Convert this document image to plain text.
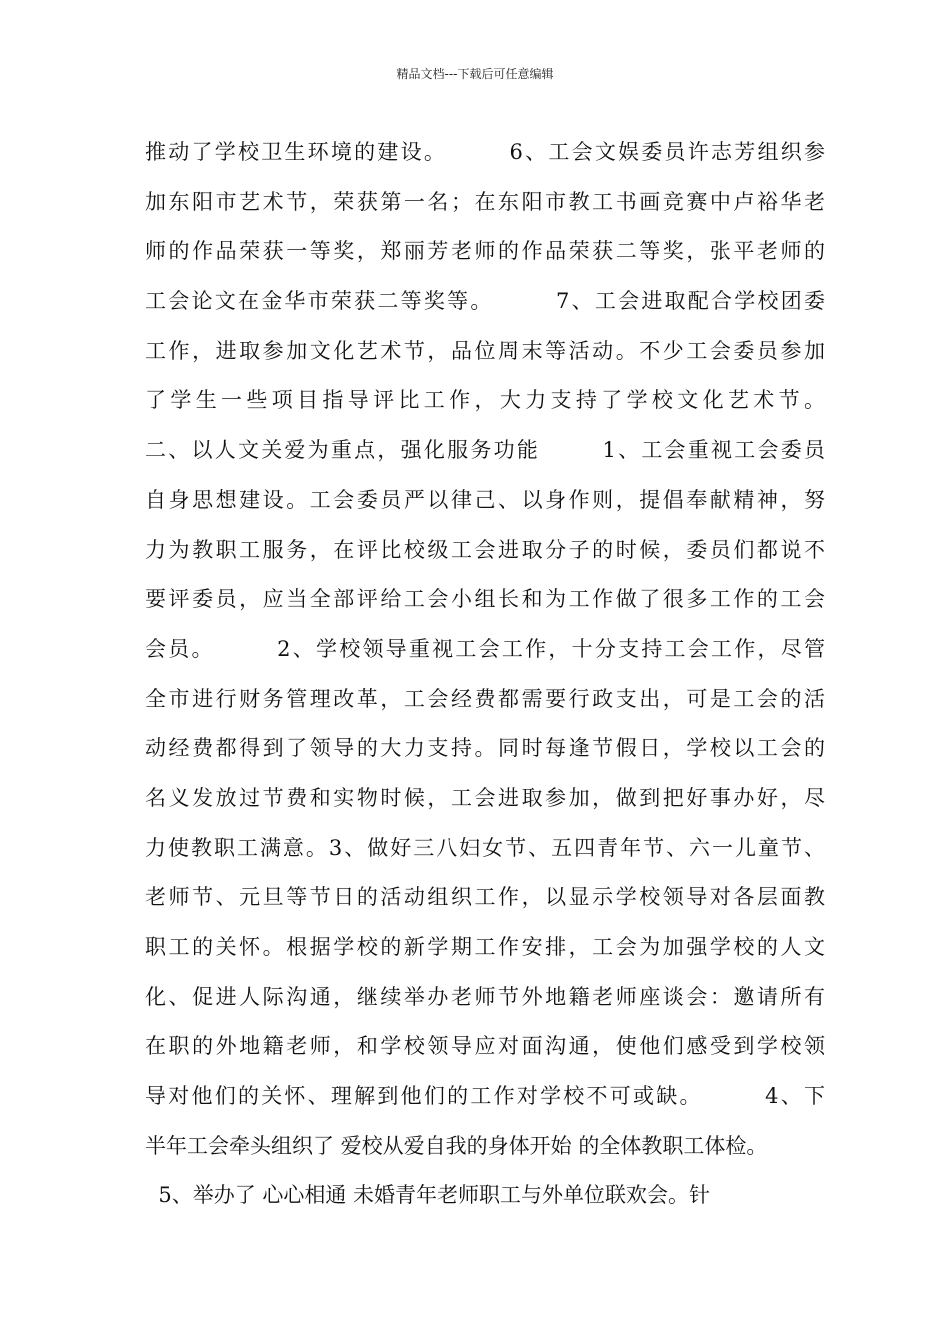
精品文档---下载后可任意编辑
推动了学校卫生环境的建设。       6、工会文娱委员许志芳组织参
加东阳市艺术节，荣获第一名；在东阳市教工书画竞赛中卢裕华老
师的作品荣获一等奖，郑丽芳老师的作品荣获二等奖，张平老师的
工会论文在金华市荣获二等奖等。       7、工会进取配合学校团委
工作，进取参加文化艺术节，品位周末等活动。不少工会委员参加
了学生一些项目指导评比工作，大力支持了学校文化艺术节。
二、以人文关爱为重点，强化服务功能       1、工会重视工会委员
自身思想建设。工会委员严以律己、以身作则，提倡奉献精神，努
力为教职工服务，在评比校级工会进取分子的时候，委员们都说不
要评委员，应当全部评给工会小组长和为工作做了很多工作的工会
会员。       2、学校领导重视工会工作，十分支持工会工作，尽管
全市进行财务管理改革，工会经费都需要行政支出，可是工会的活
动经费都得到了领导的大力支持。同时每逢节假日，学校以工会的
名义发放过节费和实物时候，工会进取参加，做到把好事办好，尽
力使教职工满意。3、做好三八妇女节、五四青年节、六一儿童节、
老师节、元旦等节日的活动组织工作，以显示学校领导对各层面教
职工的关怀。根据学校的新学期工作安排，工会为加强学校的人文
化、促进人际沟通，继续举办老师节外地籍老师座谈会：邀请所有
在职的外地籍老师，和学校领导应对面沟通，使他们感受到学校领
导对他们的关怀、理解到他们的工作对学校不可或缺。       4、下
半年工会牵头组织了 爱校从爱自我的身体开始 的全体教职工体检。
5、举办了 心心相通 未婚青年老师职工与外单位联欢会。针
